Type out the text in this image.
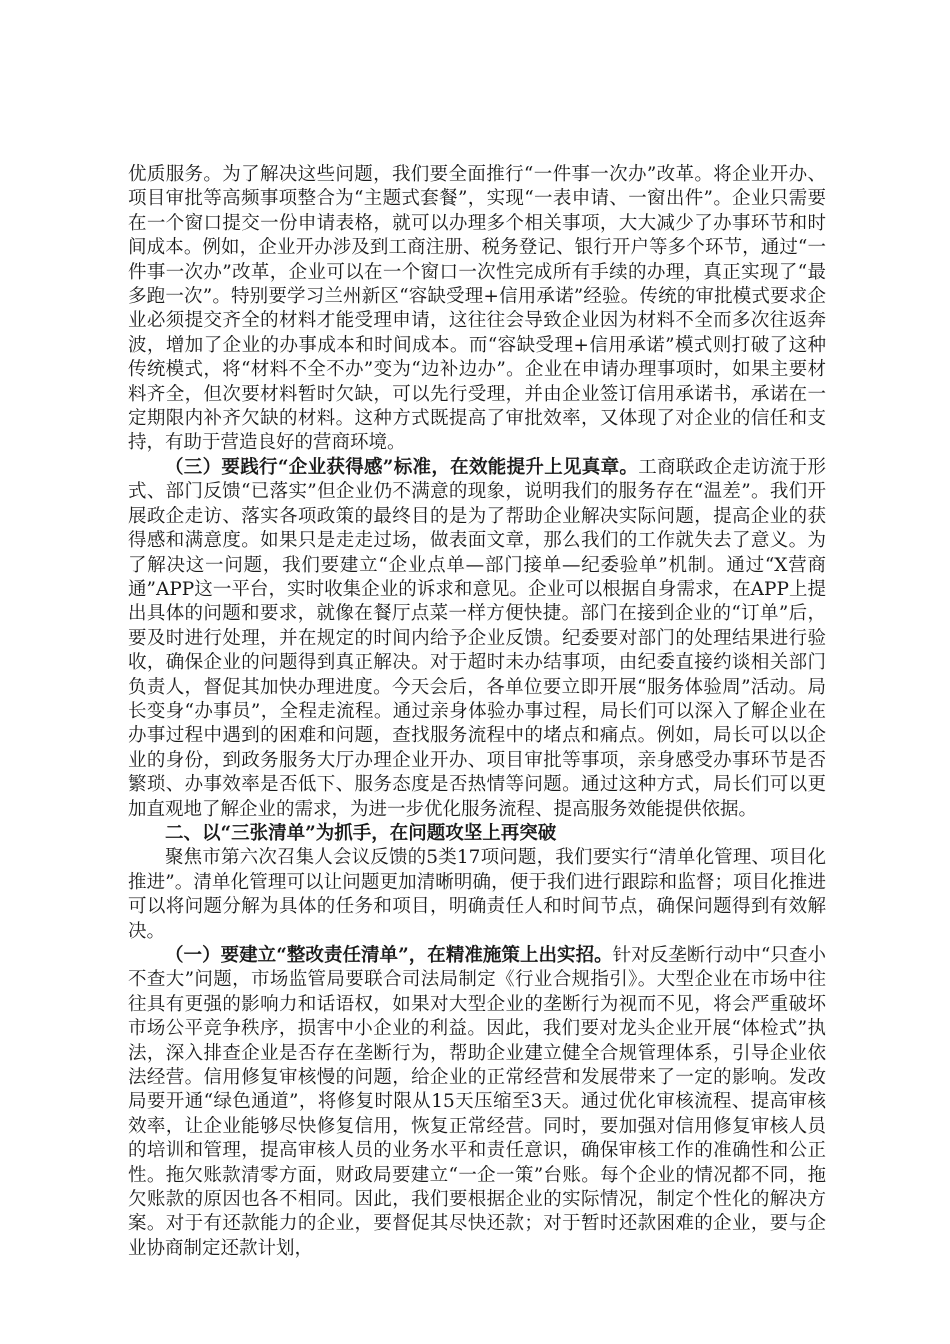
优质服务。为了解决这些问题，我们要全面推行“一件事一次办”改革。将企业开办、项目审批等高频事项整合为“主题式套餐”，实现“一表申请、一窗出件”。企业只需要在一个窗口提交一份申请表格，就可以办理多个相关事项，大大减少了办事环节和时间成本。例如，企业开办涉及到工商注册、税务登记、银行开户等多个环节，通过“一件事一次办”改革，企业可以在一个窗口一次性完成所有手续的办理，真正实现了“最多跑一次”。特别要学习兰州新区“容缺受理+信用承诺”经验。传统的审批模式要求企业必须提交齐全的材料才能受理申请，这往往会导致企业因为材料不全而多次往返奔波，增加了企业的办事成本和时间成本。而“容缺受理+信用承诺”模式则打破了这种传统模式，将“材料不全不办”变为“边补边办”。企业在申请办理事项时，如果主要材料齐全，但次要材料暂时欠缺，可以先行受理，并由企业签订信用承诺书，承诺在一定期限内补齐欠缺的材料。这种方式既提高了审批效率，又体现了对企业的信任和支持，有助于营造良好的营商环境。

（三）要践行“企业获得感”标准，在效能提升上见真章。工商联政企走访流于形式、部门反馈“已落实”但企业仍不满意的现象，说明我们的服务存在“温差”。我们开展政企走访、落实各项政策的最终目的是为了帮助企业解决实际问题，提高企业的获得感和满意度。如果只是走走过场，做表面文章，那么我们的工作就失去了意义。为了解决这一问题，我们要建立“企业点单—部门接单—纪委验单”机制。通过“X营商通”APP这一平台，实时收集企业的诉求和意见。企业可以根据自身需求，在APP上提出具体的问题和要求，就像在餐厅点菜一样方便快捷。部门在接到企业的“订单”后，要及时进行处理，并在规定的时间内给予企业反馈。纪委要对部门的处理结果进行验收，确保企业的问题得到真正解决。对于超时未办结事项，由纪委直接约谈相关部门负责人，督促其加快办理进度。今天会后，各单位要立即开展“服务体验周”活动。局长变身“办事员”，全程走流程。通过亲身体验办事过程，局长们可以深入了解企业在办事过程中遇到的困难和问题，查找服务流程中的堵点和痛点。例如，局长可以以企业的身份，到政务服务大厅办理企业开办、项目审批等事项，亲身感受办事环节是否繁琐、办事效率是否低下、服务态度是否热情等问题。通过这种方式，局长们可以更加直观地了解企业的需求，为进一步优化服务流程、提高服务效能提供依据。

二、以“三张清单”为抓手，在问题攻坚上再突破

聚焦市第六次召集人会议反馈的5类17项问题，我们要实行“清单化管理、项目化推进”。清单化管理可以让问题更加清晰明确，便于我们进行跟踪和监督；项目化推进可以将问题分解为具体的任务和项目，明确责任人和时间节点，确保问题得到有效解决。

（一）要建立“整改责任清单”，在精准施策上出实招。针对反垄断行动中“只查小不查大”问题，市场监管局要联合司法局制定《行业合规指引》。大型企业在市场中往往具有更强的影响力和话语权，如果对大型企业的垄断行为视而不见，将会严重破坏市场公平竞争秩序，损害中小企业的利益。因此，我们要对龙头企业开展“体检式”执法，深入排查企业是否存在垄断行为，帮助企业建立健全合规管理体系，引导企业依法经营。信用修复审核慢的问题，给企业的正常经营和发展带来了一定的影响。发改局要开通“绿色通道”，将修复时限从15天压缩至3天。通过优化审核流程、提高审核效率，让企业能够尽快修复信用，恢复正常经营。同时，要加强对信用修复审核人员的培训和管理，提高审核人员的业务水平和责任意识，确保审核工作的准确性和公正性。拖欠账款清零方面，财政局要建立“一企一策”台账。每个企业的情况都不同，拖欠账款的原因也各不相同。因此，我们要根据企业的实际情况，制定个性化的解决方案。对于有还款能力的企业，要督促其尽快还款；对于暂时还款困难的企业，要与企业协商制定还款计划，
